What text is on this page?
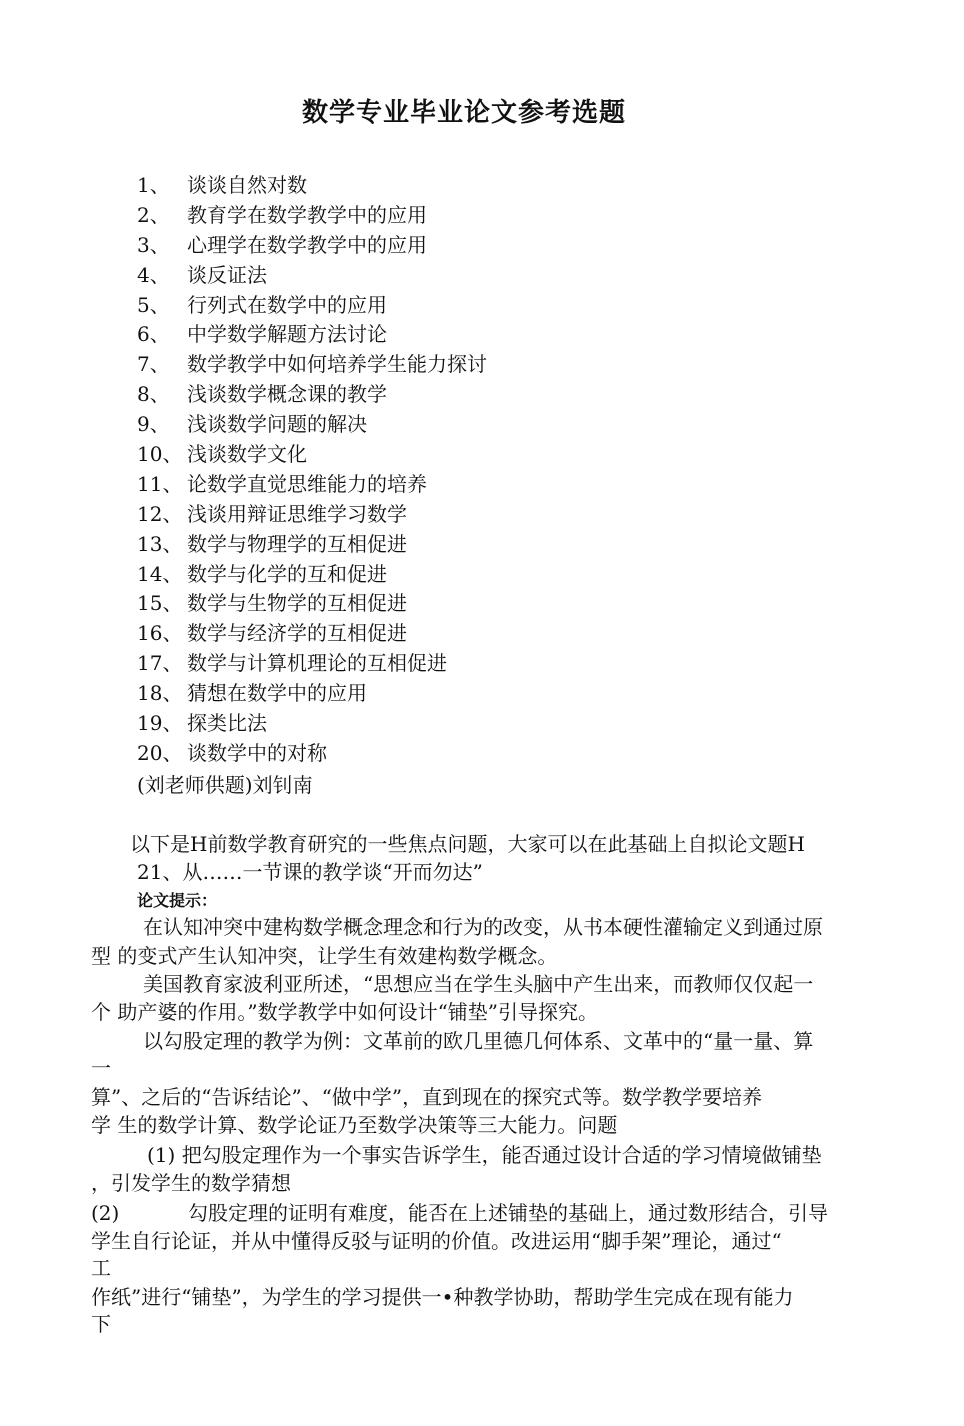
数学专业毕业论文参考选题
1、 谈谈自然对数
2、 教育学在数学教学中的应用
3、 心理学在数学教学中的应用
4、 谈反证法
5、 行列式在数学中的应用
6、 中学数学解题方法讨论
7、 数学教学中如何培养学生能力探讨
8、 浅谈数学概念课的教学
9、 浅谈数学问题的解决
10、 浅谈数学文化
11、 论数学直觉思维能力的培养
12、 浅谈用辩证思维学习数学
13、 数学与物理学的互相促进
14、 数学与化学的互和促进
15、 数学与生物学的互相促进
16、 数学与经济学的互相促进
17、 数学与计算机理论的互相促进
18、 猜想在数学中的应用
19、 探类比法
20、 谈数学中的对称
(刘老师供题)刘钊南
以下是H前数学教育研究的一些焦点问题，大家可以在此基础上自拟论文题H
21、从……一节课的教学谈“开而勿达”
论文提示：
在认知冲突中建构数学概念理念和行为的改变，从书本硬性灌输定义到通过原
型 的变式产生认知冲突，让学生有效建构数学概念。
美国教育家波利亚所述，“思想应当在学生头脑中产生出来，而教师仅仅起一
个 助产婆的作用。”数学教学中如何设计“铺垫”引导探究。
以勾股定理的教学为例：文革前的欧几里德几何体系、文革中的“量一量、算
一
算”、之后的“告诉结论”、“做中学”，直到现在的探究式等。数学教学要培养
学 生的数学计算、数学论证乃至数学决策等三大能力。问题
(1) 把勾股定理作为一个事实告诉学生，能否通过设计合适的学习情境做铺垫
，引发学生的数学猜想
(2)	勾股定理的证明有难度，能否在上述铺垫的基础上，通过数形结合，引导
学生自行论证，并从中懂得反驳与证明的价值。改进运用“脚手架”理论，通过“
工
作纸”进行“铺垫”，为学生的学习提供一•种教学协助，帮助学生完成在现有能力
下
